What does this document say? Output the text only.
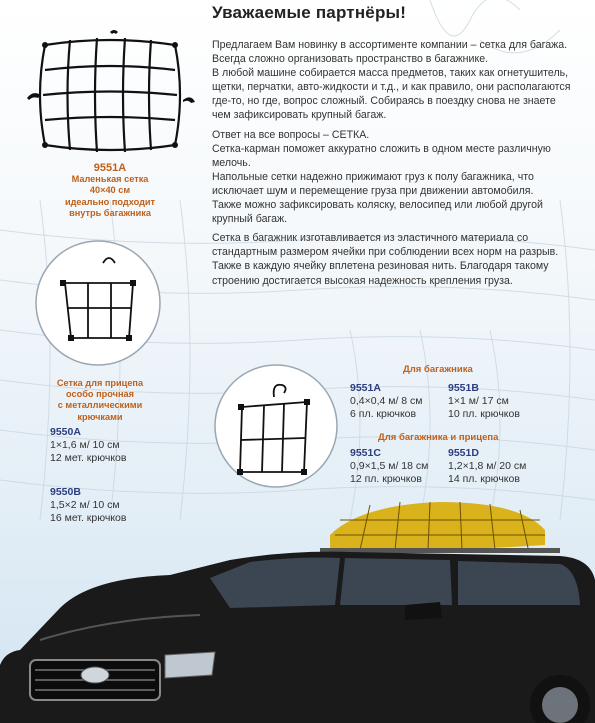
Уважаемые партнёры!

Предлагаем Вам новинку в ассортименте компании – сетка для багажа.

Всегда сложно организовать пространство в багажнике.

В любой машине собирается масса предметов, таких как огнетушитель, щетки, перчатки, авто-жидкости и т.д., и как правило, они располагаются где-то, но где, вопрос сложный. Собираясь в поездку снова не знаете чем зафиксировать крупный багаж.

Ответ на все вопросы – СЕТКА.

Сетка-карман поможет аккуратно сложить в одном месте различную мелочь.

Напольные сетки надежно прижимают груз к полу багажника, что исключает шум и перемещение груза при движении автомобиля.

Также можно зафиксировать коляску, велосипед или любой другой крупный багаж.

Сетка в багажник изготавливается из эластичного материала со стандартным размером ячейки при соблюдении всех норм на разрыв. Также в каждую ячейку вплетена резиновая нить. Благодаря такому строению достигается высокая надежность крепления груза.

9551A
Маленькая сетка
40×40 см
идеально подходит
внутрь багажника
Сетка для прицепа
особо прочная
с металлическими
крючками
9550A
1×1,6 м/ 10 см
12 мет. крючков
9550B
1,5×2 м/ 10 см
16 мет. крючков
Для багажника
9551A
0,4×0,4 м/ 8 см
6 пл. крючков
9551B
1×1 м/ 17 см
10 пл. крючков
Для багажника и прицепа
9551C
0,9×1,5 м/ 18 см
12 пл. крючков
9551D
1,2×1,8 м/ 20 см
14 пл. крючков
